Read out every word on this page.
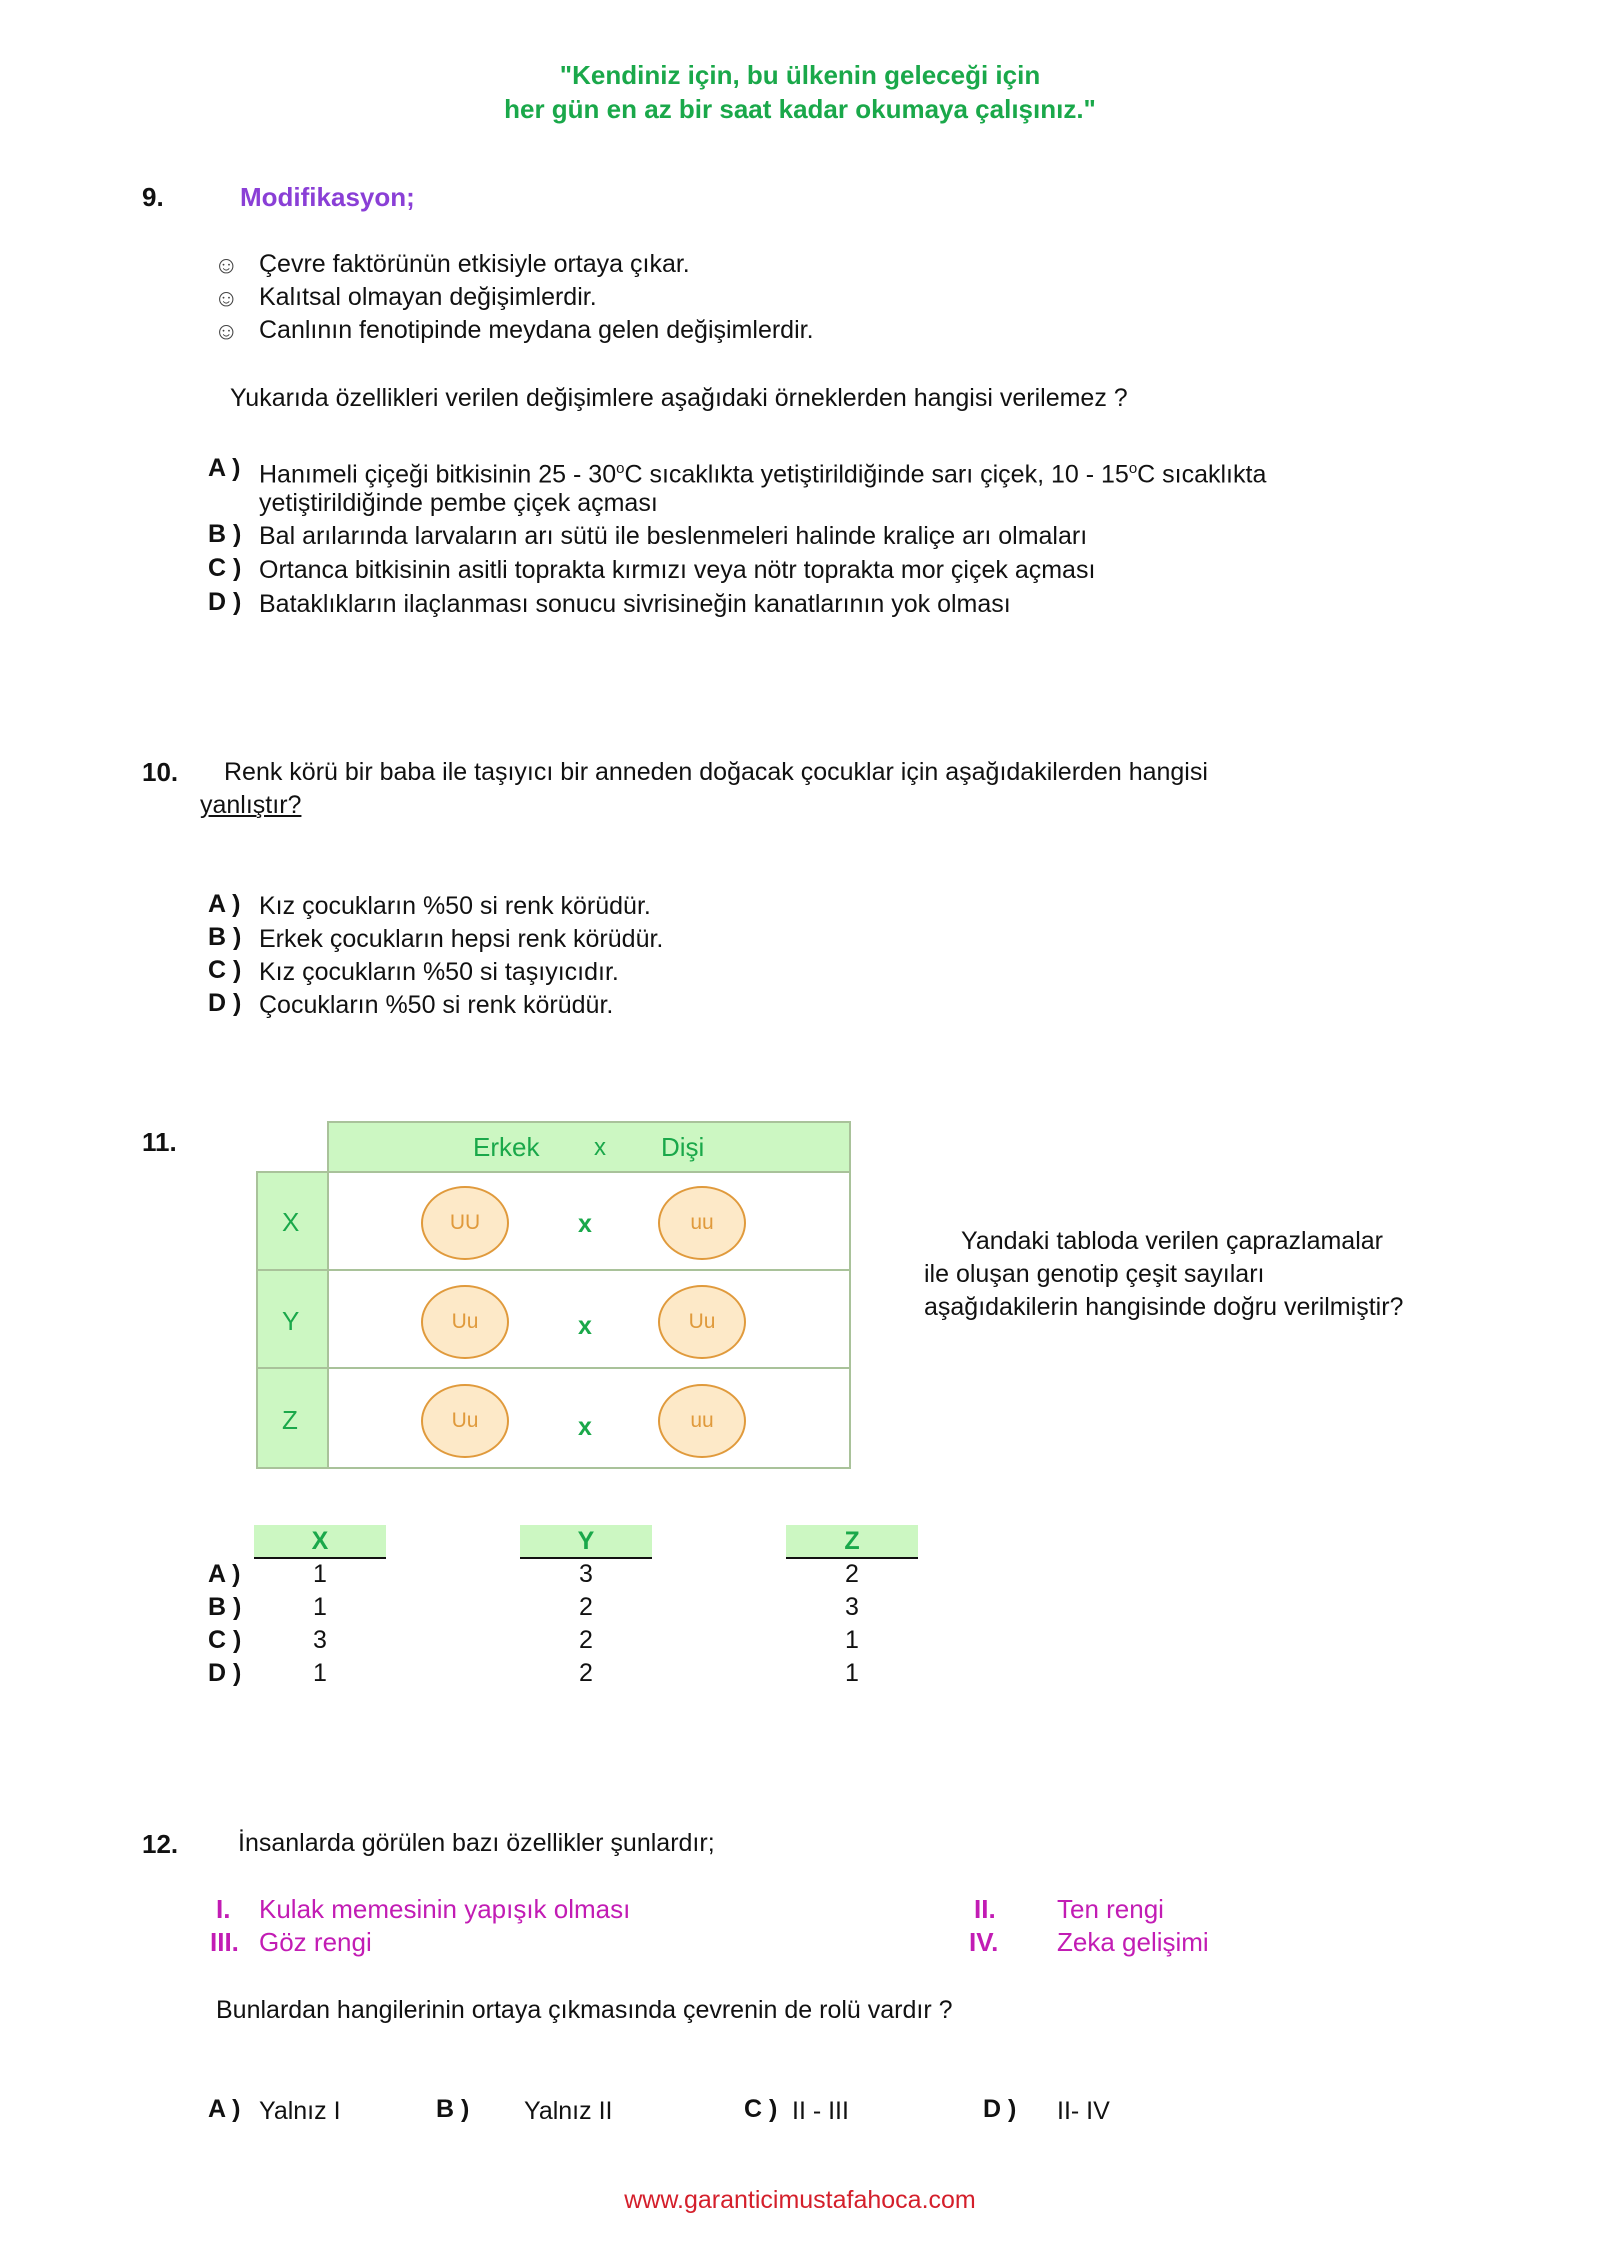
"Kendiniz için, bu ülkenin geleceği için
her gün en az bir saat kadar okumaya çalışınız."
9.	Modifikasyon;
☺ Çevre faktörünün etkisiyle ortaya çıkar.
☺ Kalıtsal olmayan değişimlerdir.
☺ Canlının fenotipinde meydana gelen değişimlerdir.
Yukarıda özellikleri verilen değişimlere aşağıdaki örneklerden hangisi verilemez ?
A ) Hanımeli çiçeği bitkisinin 25 - 30$^o$C sıcaklıkta yetiştirildiğinde sarı çiçek, 10 - 15$^o$C sıcaklıkta
yetiştirildiğinde pembe çiçek açması
B ) Bal arılarında larvaların arı sütü ile beslenmeleri halinde kraliçe arı olmaları
C ) Ortanca bitkisinin asitli toprakta kırmızı veya nötr toprakta mor çiçek açması
D ) Bataklıkların ilaçlanması sonucu sivrisineğin kanatlarının yok olması
10. Renk körü bir baba ile taşıyıcı bir anneden doğacak çocuklar için aşağıdakilerden hangisi
yanlıştır?
A ) Kız çocukların %50 si renk körüdür.
B ) Erkek çocukların hepsi renk körüdür.
C ) Kız çocukların %50 si taşıyıcıdır.
D ) Çocukların %50 si renk körüdür.
11.	Erkek x Dişi
X	UU	x	uu
Y	Uu	x	Uu
Z	Uu	x	uu
Yandaki tabloda verilen çaprazlamalar
ile oluşan genotip çeşit sayıları
aşağıdakilerin hangisinde doğru verilmiştir?
X	Y	Z
A )	1	3	2
B )	1	2	3
C )	3	2	1
D )	1	2	1
12. İnsanlarda görülen bazı özellikler şunlardır;
I. Kulak memesinin yapışık olması	II. Ten rengi
III. Göz rengi	IV. Zeka gelişimi
Bunlardan hangilerinin ortaya çıkmasında çevrenin de rolü vardır ?
A ) Yalnız I	B ) Yalnız II	C ) II - III	D ) II- IV
www.garanticimustafahoca.com
